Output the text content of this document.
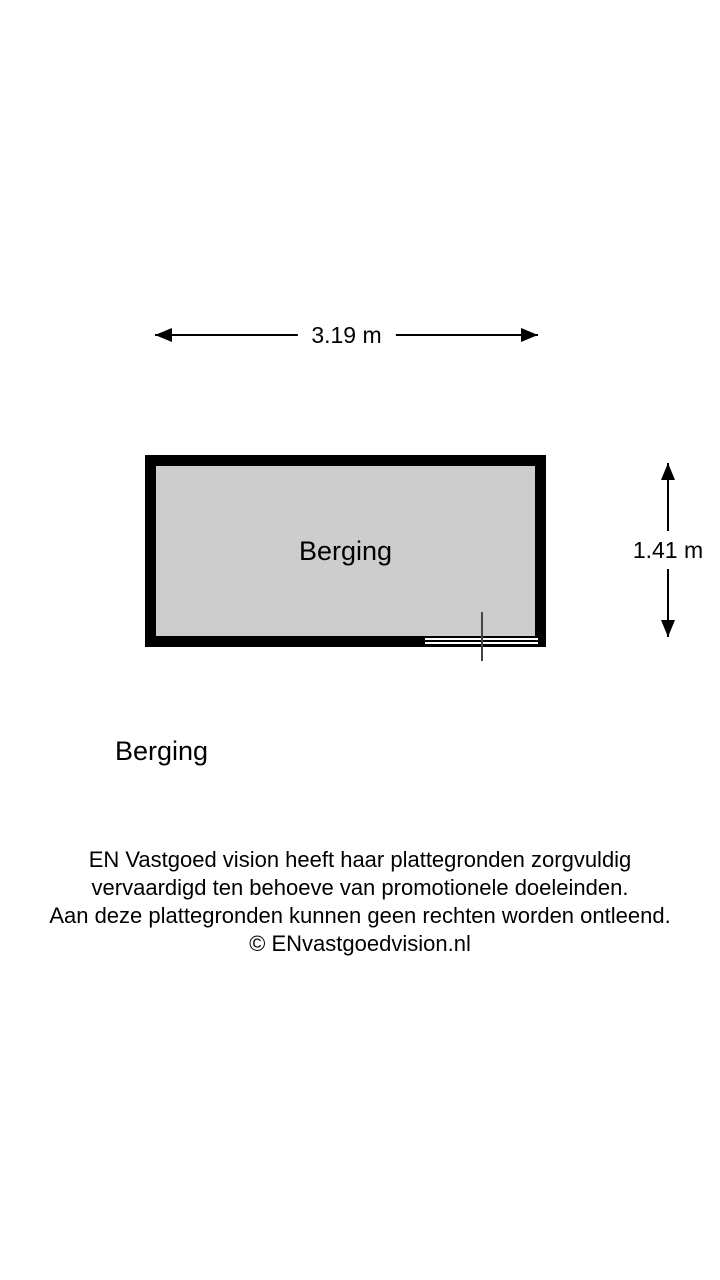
3.19 m
Berging	1.41 m
Berging
EN Vastgoed vision heeft haar plattegronden zorgvuldig
vervaardigd ten behoeve van promotionele doeleinden.
Aan deze plattegronden kunnen geen rechten worden ontleend.
© ENvastgoedvision.nl
